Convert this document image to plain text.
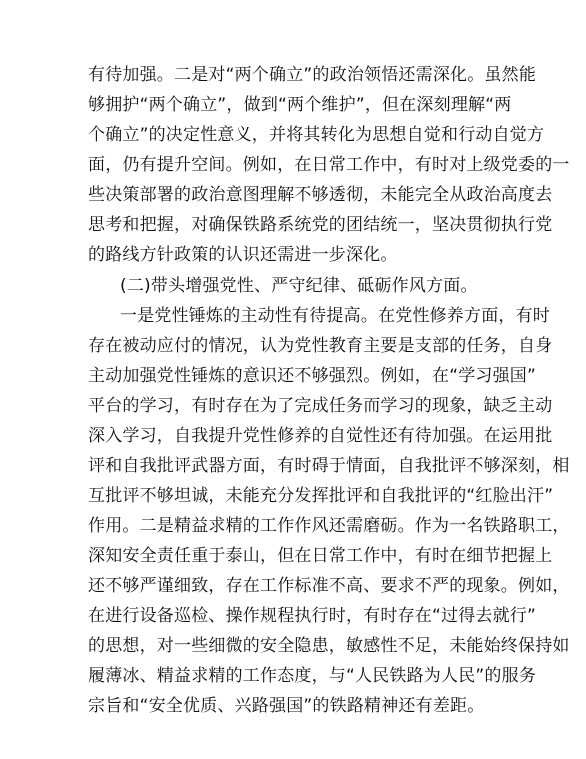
有待加强。二是对“两个确立”的政治领悟还需深化。虽然能
够拥护“两个确立”，做到“两个维护”，但在深刻理解“两
个确立”的决定性意义，并将其转化为思想自觉和行动自觉方
面，仍有提升空间。例如，在日常工作中，有时对上级党委的一
些决策部署的政治意图理解不够透彻，未能完全从政治高度去
思考和把握，对确保铁路系统党的团结统一，坚决贯彻执行党
的路线方针政策的认识还需进一步深化。
(二)带头增强党性、严守纪律、砥砺作风方面。
一是党性锤炼的主动性有待提高。在党性修养方面，有时
存在被动应付的情况，认为党性教育主要是支部的任务，自身
主动加强党性锤炼的意识还不够强烈。例如，在“学习强国”
平台的学习，有时存在为了完成任务而学习的现象，缺乏主动
深入学习，自我提升党性修养的自觉性还有待加强。在运用批
评和自我批评武器方面，有时碍于情面，自我批评不够深刻，相
互批评不够坦诚，未能充分发挥批评和自我批评的“红脸出汗”
作用。二是精益求精的工作作风还需磨砺。作为一名铁路职工，
深知安全责任重于泰山，但在日常工作中，有时在细节把握上
还不够严谨细致，存在工作标准不高、要求不严的现象。例如，
在进行设备巡检、操作规程执行时，有时存在“过得去就行”
的思想，对一些细微的安全隐患，敏感性不足，未能始终保持如
履薄冰、精益求精的工作态度，与“人民铁路为人民”的服务
宗旨和“安全优质、兴路强国”的铁路精神还有差距。
